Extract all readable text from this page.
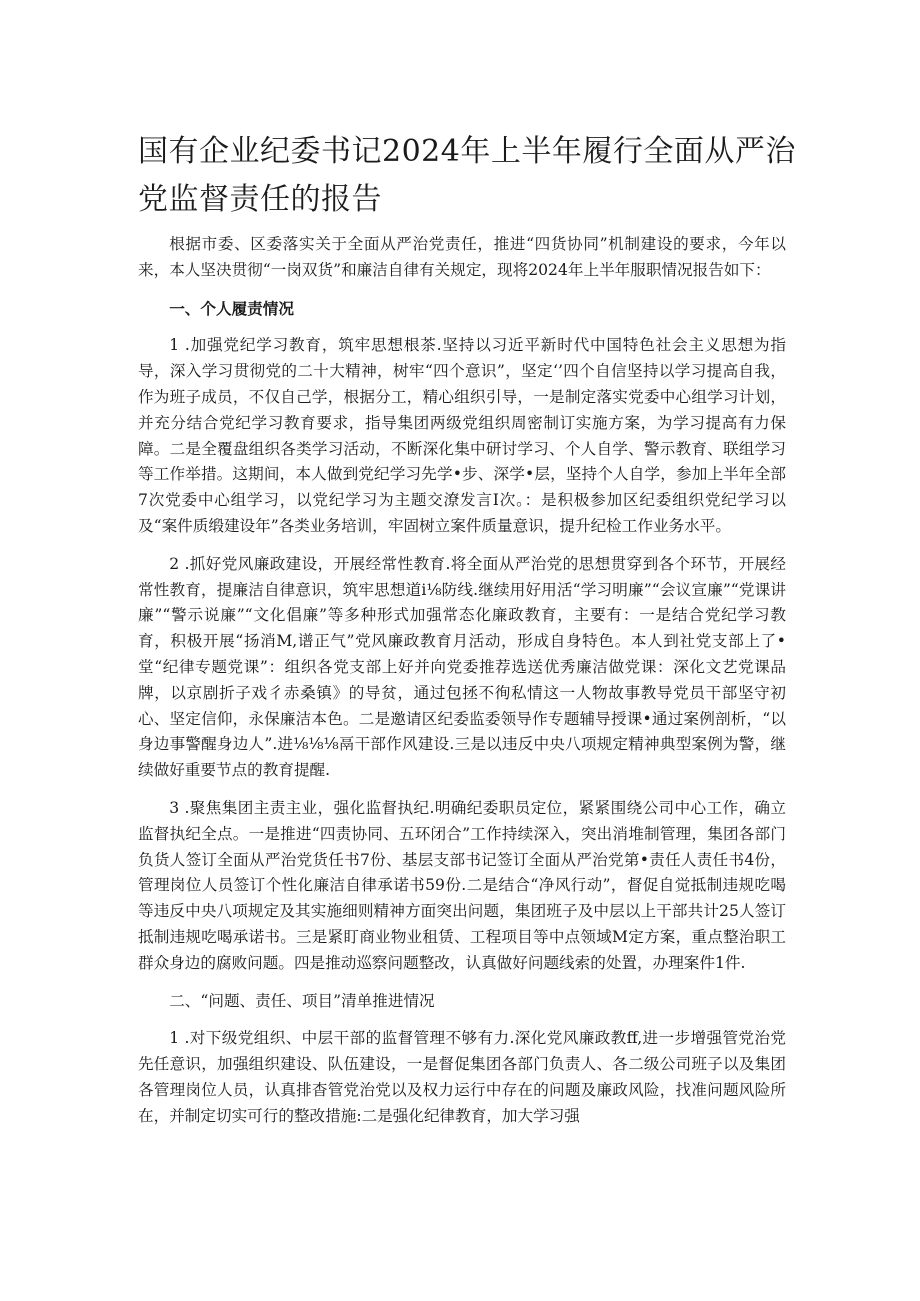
国有企业纪委书记2024年上半年履行全面从严治党监督责任的报告

根据市委、区委落实关于全面从严治党责任，推进“四货协同”机制建设的要求，今年以来，本人坚决贯彻“一岗双货”和廉洁自律有关规定，现将2024年上半年服职情况报告如下：

一、个人履责情况

1 .加强党纪学习教育，筑牢思想根茶.坚持以习近平新时代中国特色社会主义思想为指导，深入学习贯彻党的二十大精神，树牢“四个意识”，坚定‘’四个自信坚持以学习提高自我，作为班子成员，不仅自己学，根据分工，精心组织引导，一是制定落实党委中心组学习计划，并充分结合党纪学习教育要求，指导集团两级党组织周密制订实施方案，为学习提高有力保障。二是全覆盘组织各类学习活动，不断深化集中研讨学习、个人自学、警示教育、联组学习等工作举措。这期间，本人做到党纪学习先学•步、深学•层，坚持个人自学，参加上半年全部7次党委中心组学习，以党纪学习为主题交潦发言I次。：是积极参加区纪委组织党纪学习以及“案件质缎建设年”各类业务培训，牢固树立案件质量意识，提升纪检工作业务水平。

2 .抓好党风廉政建设，开展经常性教育.将全面从严治党的思想贯穿到各个环节，开展经常性教育，提廉洁自律意识，筑牢思想道i⅛防线.继续用好用活“学习明廉”“会议宣廉”“党课讲廉”“警示说廉”“文化倡廉”等多种形式加强常态化廉政教育，主要有：一是结合党纪学习教育，积极开展“扬消M,谱正气”党风廉政教育月活动，形成自身特色。本人到社党支部上了•堂“纪律专题党课”：组织各党支部上好并向党委推荐选送优秀廉洁做党课：深化文艺党课品牌，以京剧折子戏彳赤桑镇》的导贫，通过包拯不徇私情这一人物故事教导党员干部坚守初心、坚定信仰，永保廉洁本色。二是邀请区纪委监委领导作专题辅导授课•通过案例剖析，“以身边事警醒身边人”.进⅛⅛⅛鬲干部作风建设.三是以违反中央八项规定精神典型案例为警，继续做好重要节点的教育提醒.

3 .聚焦集团主责主业，强化监督执纪.明确纪委职员定位，紧紧围绕公司中心工作，确立监督执纪全点。一是推进“四责协同、五环闭合”工作持续深入，突出消堆制管理，集团各部门负货人签订全面从严治党货任书7份、基层支部书记签订全面从严治党第•责任人责任书4份，管理岗位人员签订个性化廉洁自律承诺书59份.二是结合“净风行动”，督促自觉抵制违规吃喝等违反中央八项规定及其实施细则精神方面突出问题，集团班子及中层以上干部共计25人签订抵制违规吃喝承诺书。三是紧盯商业物业租赁、工程项目等中点领域M定方案，重点整治职工群众身边的腐败问题。四是推动巡察问题整改，认真做好问题线索的处置，办理案件1件.

二、“问题、责任、项目”清单推进情况

1 .对下级党组织、中层干部的监督管理不够有力.深化党风廉政教ff,进一步增强管党治党先任意识，加强组织建设、队伍建设，一是督促集团各部门负责人、各二级公司班子以及集团各管理岗位人员，认真排杳管党治党以及权力运行中存在的问题及廉政风险，找准问题风险所在，并制定切实可行的整改措施:二是强化纪律教育，加大学习强
